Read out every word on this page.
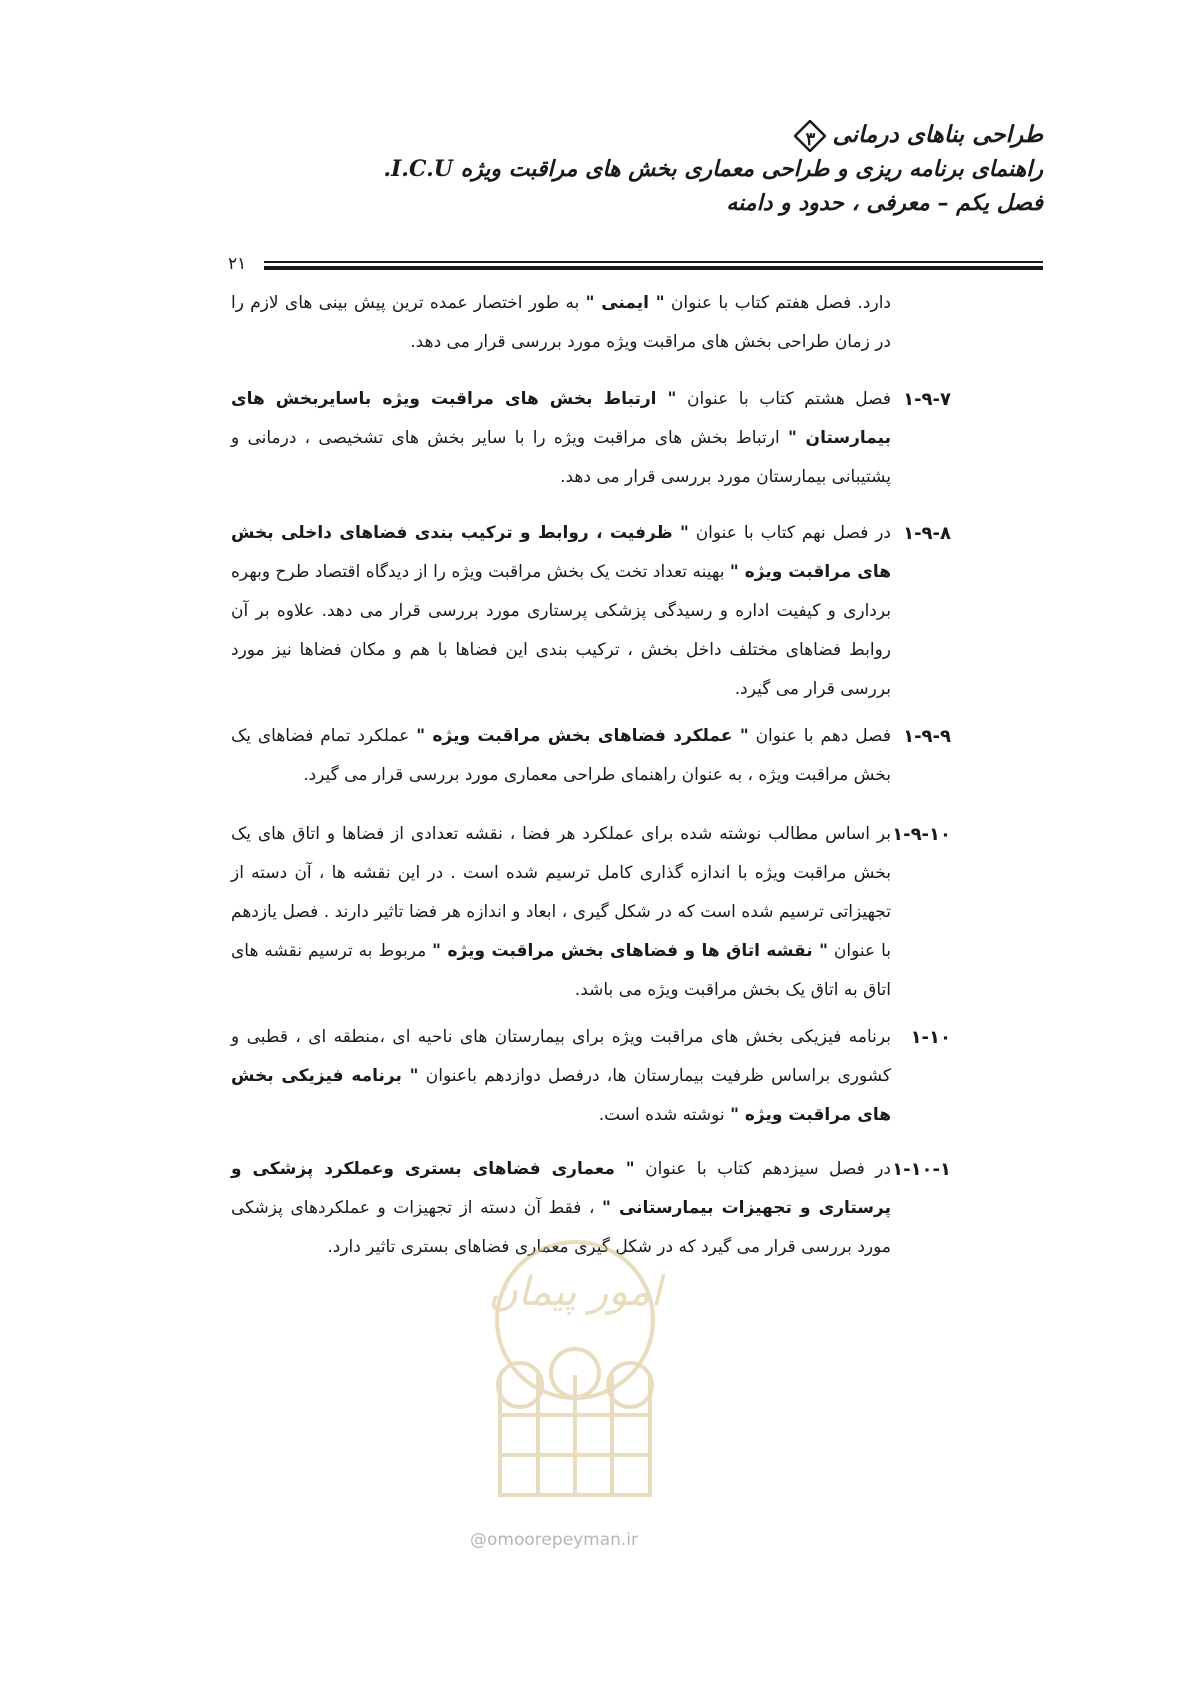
طراحی بناهای درمانی
۳
راهنمای برنامه ریزی و طراحی معماری بخش های مراقبت ویژه I.C.U.
فصل یکم – معرفی ، حدود و دامنه
۲۱
دارد. فصل هفتم کتاب با عنوان " ایمنی " به طور اختصار عمده ترین پیش بینی های لازم را در زمان طراحی بخش های مراقبت ویژه مورد بررسی قرار می دهد.
۱-۹-۷
فصل هشتم کتاب با عنوان " ارتباط بخش های مراقبت ویژه باسایربخش های بیمارستان " ارتباط بخش های مراقبت ویژه را با سایر بخش های تشخیصی ، درمانی و پشتیبانی بیمارستان مورد بررسی قرار می دهد.
۱-۹-۸
در فصل نهم کتاب با عنوان " ظرفیت ، روابط و ترکیب بندی فضاهای داخلی بخش های مراقبت ویژه " بهینه تعداد تخت یک بخش مراقبت ویژه را از دیدگاه اقتصاد طرح وبهره برداری و کیفیت اداره و رسیدگی پزشکی پرستاری مورد بررسی قرار می دهد. علاوه بر آن روابط فضاهای مختلف داخل بخش ، ترکیب بندی این فضاها با هم و مکان فضاها نیز مورد بررسی قرار می گیرد.
۱-۹-۹
فصل دهم با عنوان " عملکرد فضاهای بخش مراقبت ویژه " عملکرد تمام فضاهای یک بخش مراقبت ویژه ، به عنوان راهنمای طراحی معماری مورد بررسی قرار می گیرد.
۱-۹-۱۰
بر اساس مطالب نوشته شده برای عملکرد هر فضا ، نقشه تعدادی از فضاها و اتاق های یک بخش مراقبت ویژه با اندازه گذاری کامل ترسیم شده است . در این نقشه ها ، آن دسته از تجهیزاتی ترسیم شده است که در شکل گیری ، ابعاد و اندازه هر فضا تاثیر دارند . فصل یازدهم با عنوان " نقشه اتاق ها و فضاهای بخش مراقبت ویژه " مربوط به ترسیم نقشه های اتاق به اتاق یک بخش مراقبت ویژه می باشد.
۱-۱۰
برنامه فیزیکی بخش های مراقبت ویژه برای بیمارستان های ناحیه ای ،منطقه ای ، قطبی و کشوری براساس ظرفیت بیمارستان ها، درفصل دوازدهم باعنوان " برنامه فیزیکی بخش های مراقبت ویژه " نوشته شده است.
۱-۱۰-۱
در فصل سیزدهم کتاب با عنوان " معماری فضاهای بستری وعملکرد پزشکی و پرستاری و تجهیزات بیمارستانی " ، فقط آن دسته از تجهیزات و عملکردهای پزشکی مورد بررسی قرار می گیرد که در شکل گیری معماری فضاهای بستری تاثیر دارد.
امور پیمان
@omoorepeyman.ir
